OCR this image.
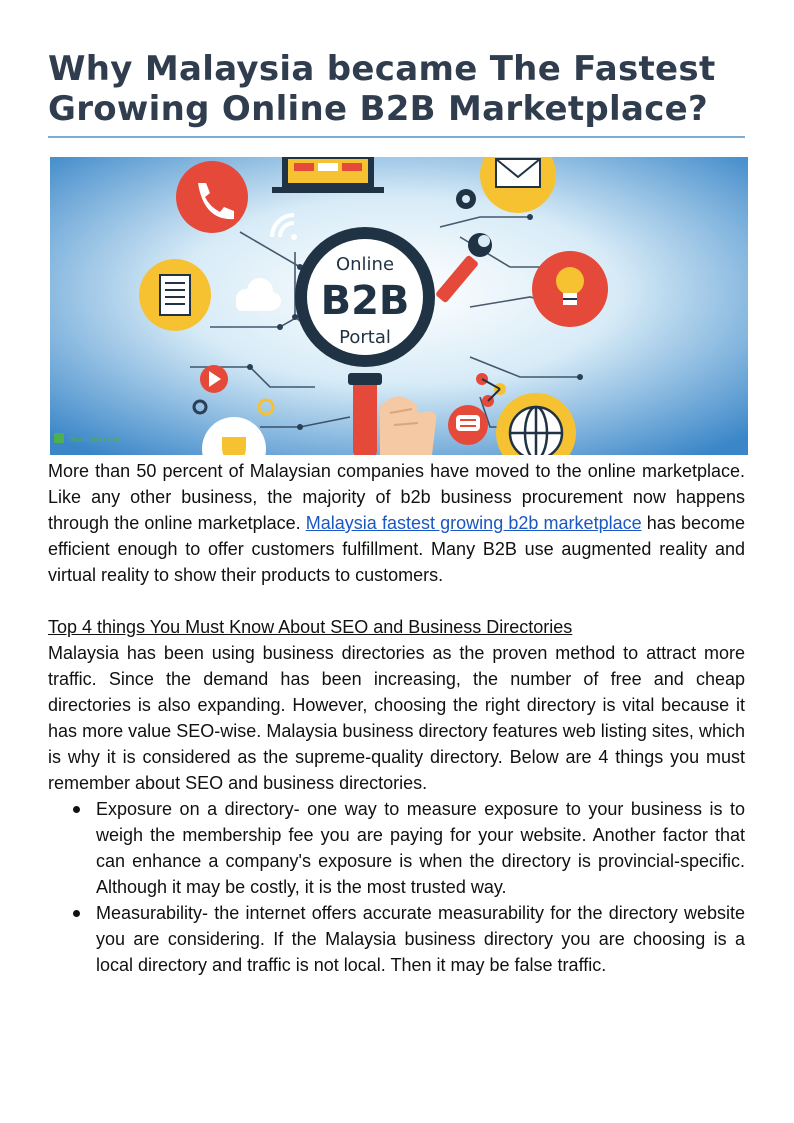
Why Malaysia became The Fastest Growing Online B2B Marketplace?
Online
B2B
Portal
TRADE MALAYSIA

More than 50 percent of Malaysian companies have moved to the online marketplace. Like any other business, the majority of b2b business procurement now happens through the online marketplace. Malaysia fastest growing b2b marketplace has become efficient enough to offer customers fulfillment. Many B2B use augmented reality and virtual reality to show their products to customers.

Top 4 things You Must Know About SEO and Business Directories

Malaysia has been using business directories as the proven method to attract more traffic. Since the demand has been increasing, the number of free and cheap directories is also expanding. However, choosing the right directory is vital because it has more value SEO-wise. Malaysia business directory features web listing sites, which is why it is considered as the supreme-quality directory. Below are 4 things you must remember about SEO and business directories.

Exposure on a directory- one way to measure exposure to your business is to weigh the membership fee you are paying for your website. Another factor that can enhance a company's exposure is when the directory is provincial-specific. Although it may be costly, it is the most trusted way.
Measurability- the internet offers accurate measurability for the directory website you are considering. If the Malaysia business directory you are choosing is a local directory and traffic is not local. Then it may be false traffic.
